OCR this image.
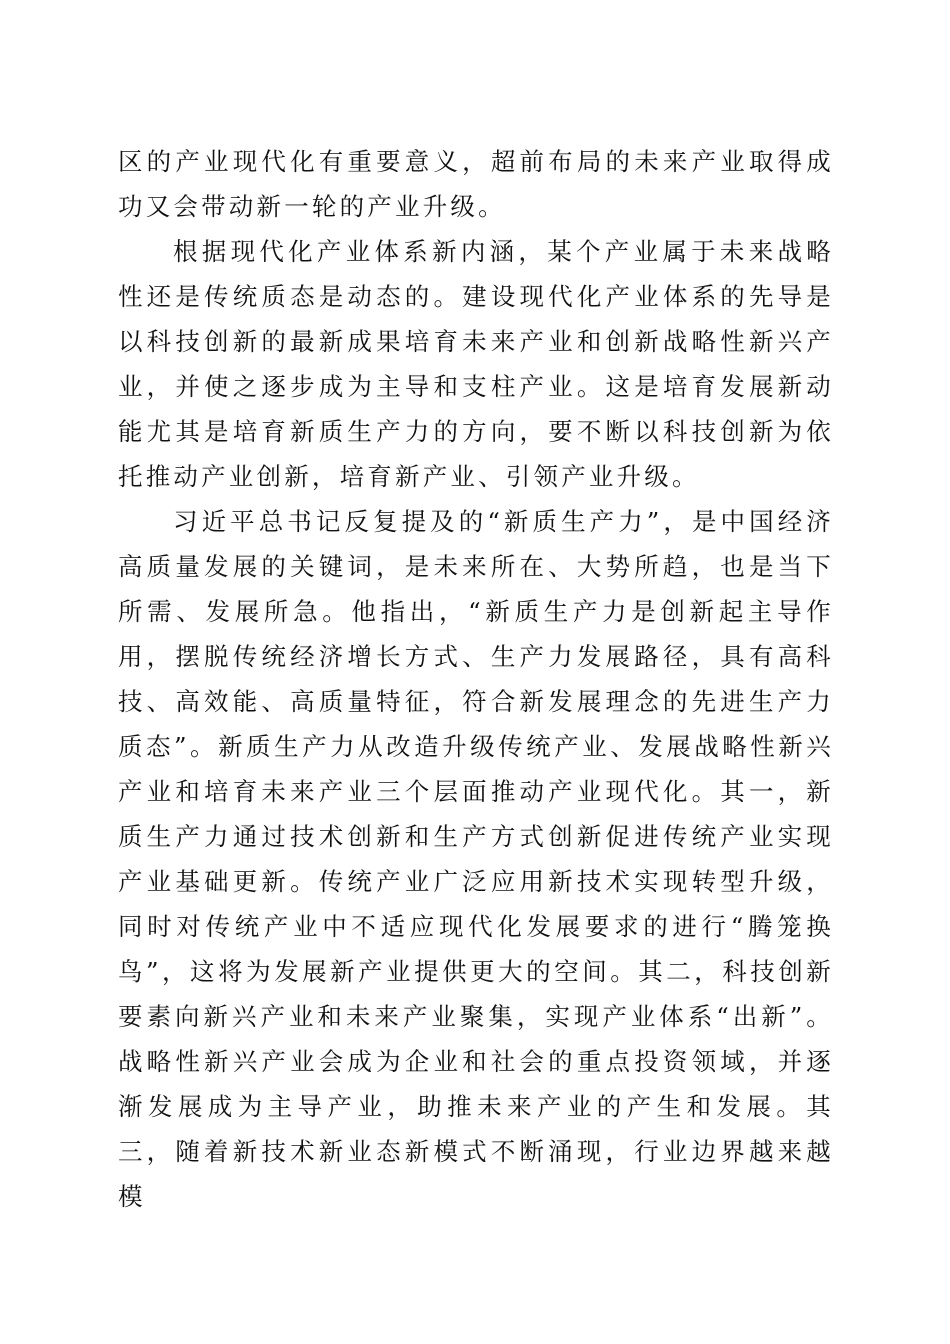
区的产业现代化有重要意义，超前布局的未来产业取得成功又会带动新一轮的产业升级。

根据现代化产业体系新内涵，某个产业属于未来战略性还是传统质态是动态的。建设现代化产业体系的先导是以科技创新的最新成果培育未来产业和创新战略性新兴产业，并使之逐步成为主导和支柱产业。这是培育发展新动能尤其是培育新质生产力的方向，要不断以科技创新为依托推动产业创新，培育新产业、引领产业升级。

习近平总书记反复提及的“新质生产力”，是中国经济高质量发展的关键词，是未来所在、大势所趋，也是当下所需、发展所急。他指出，“新质生产力是创新起主导作用，摆脱传统经济增长方式、生产力发展路径，具有高科技、高效能、高质量特征，符合新发展理念的先进生产力质态”。新质生产力从改造升级传统产业、发展战略性新兴产业和培育未来产业三个层面推动产业现代化。其一，新质生产力通过技术创新和生产方式创新促进传统产业实现产业基础更新。传统产业广泛应用新技术实现转型升级，同时对传统产业中不适应现代化发展要求的进行“腾笼换鸟”，这将为发展新产业提供更大的空间。其二，科技创新要素向新兴产业和未来产业聚集，实现产业体系“出新”。战略性新兴产业会成为企业和社会的重点投资领域，并逐渐发展成为主导产业，助推未来产业的产生和发展。其三，随着新技术新业态新模式不断涌现，行业边界越来越模
